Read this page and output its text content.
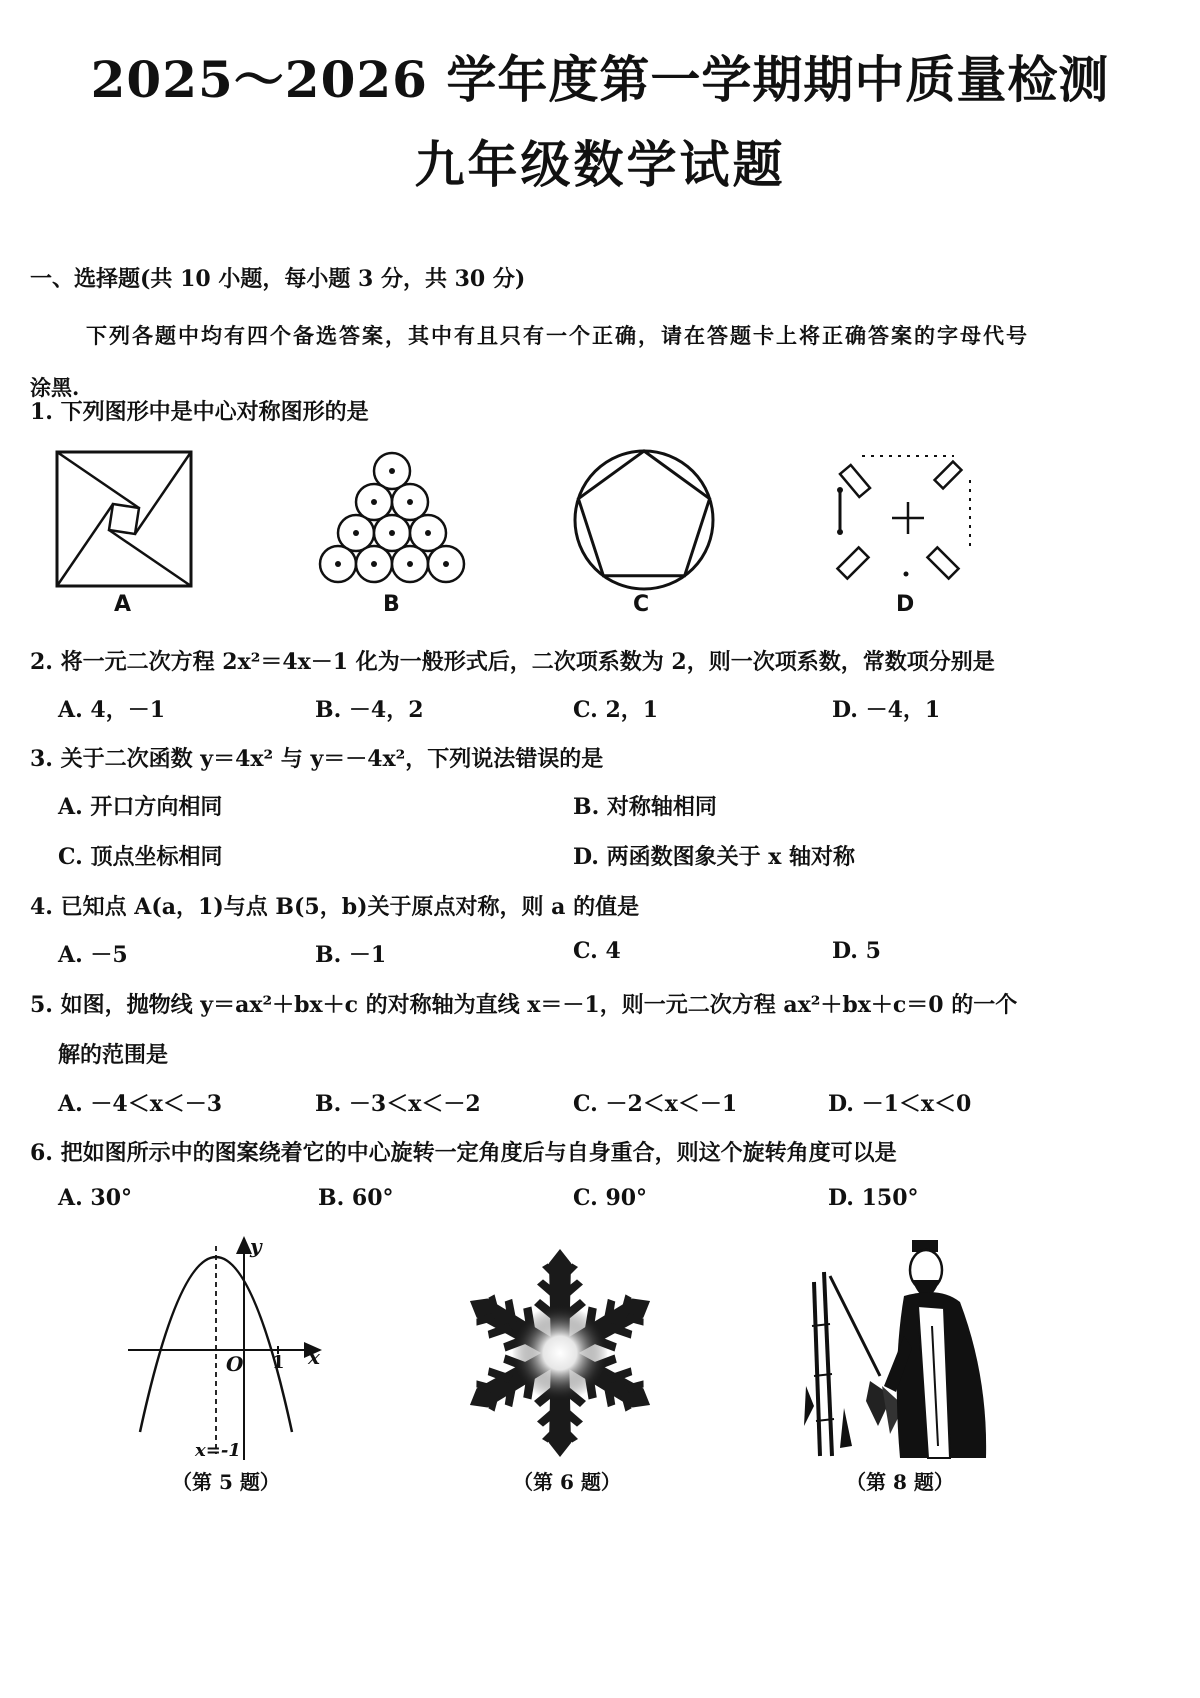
2025～2026 学年度第一学期期中质量检测
九年级数学试题
一、选择题(共 10 小题，每小题 3 分，共 30 分)
下列各题中均有四个备选答案，其中有且只有一个正确，请在答题卡上将正确答案的字母代号
涂黑.
1. 下列图形中是中心对称图形的是
A	B	C	D
2. 将一元二次方程 2x²＝4x－1 化为一般形式后，二次项系数为 2，则一次项系数，常数项分别是
A. 4，－1	B. －4，2	C. 2，1	D. －4，1
3. 关于二次函数 y＝4x² 与 y＝－4x²，下列说法错误的是
A. 开口方向相同	B. 对称轴相同
C. 顶点坐标相同	D. 两函数图象关于 x 轴对称
4. 已知点 A(a，1)与点 B(5，b)关于原点对称，则 a 的值是
A. －5	B. －1	C. 4	D. 5
5. 如图，抛物线 y＝ax²＋bx＋c 的对称轴为直线 x＝－1，则一元二次方程 ax²＋bx＋c＝0 的一个
解的范围是
A. －4＜x＜－3	B. －3＜x＜－2	C. －2＜x＜－1	D. －1＜x＜0
6. 把如图所示中的图案绕着它的中心旋转一定角度后与自身重合，则这个旋转角度可以是
A. 30°	B. 60°	C. 90°	D. 150°
y
x
O 1
x=-1
（第 5 题）	（第 6 题）	（第 8 题）
